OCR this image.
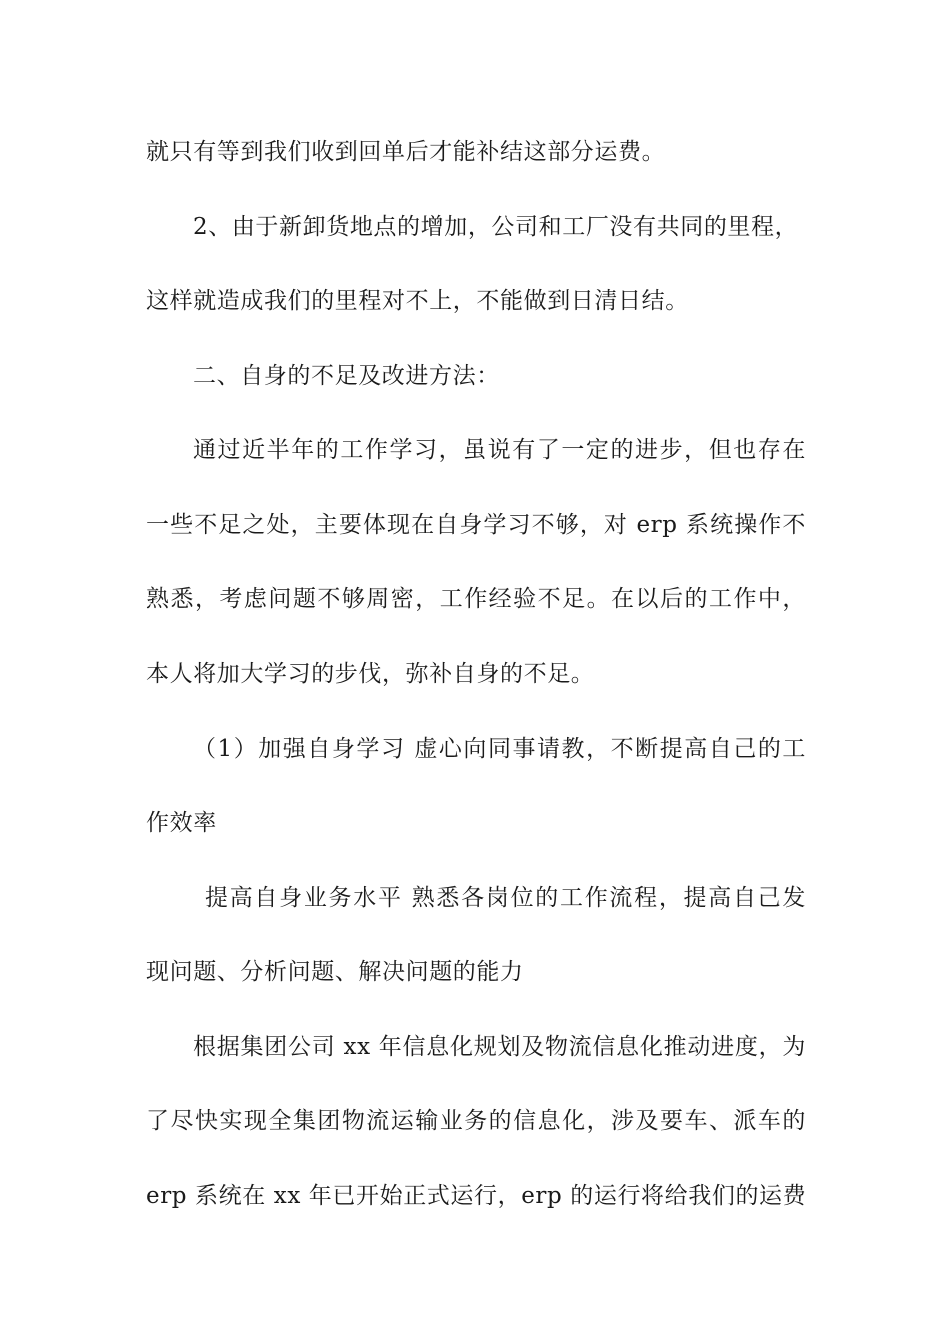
就只有等到我们收到回单后才能补结这部分运费。
2、由于新卸货地点的增加，公司和工厂没有共同的里程，
这样就造成我们的里程对不上，不能做到日清日结。
二、自身的不足及改进方法：
通过近半年的工作学习，虽说有了一定的进步，但也存在
一些不足之处，主要体现在自身学习不够，对 erp 系统操作不
熟悉，考虑问题不够周密，工作经验不足。在以后的工作中，
本人将加大学习的步伐，弥补自身的不足。
（1）加强自身学习 虚心向同事请教，不断提高自己的工
作效率
提高自身业务水平 熟悉各岗位的工作流程，提高自己发
现问题、分析问题、解决问题的能力
根据集团公司 xx 年信息化规划及物流信息化推动进度，为
了尽快实现全集团物流运输业务的信息化，涉及要车、派车的
erp 系统在 xx 年已开始正式运行，erp 的运行将给我们的运费
